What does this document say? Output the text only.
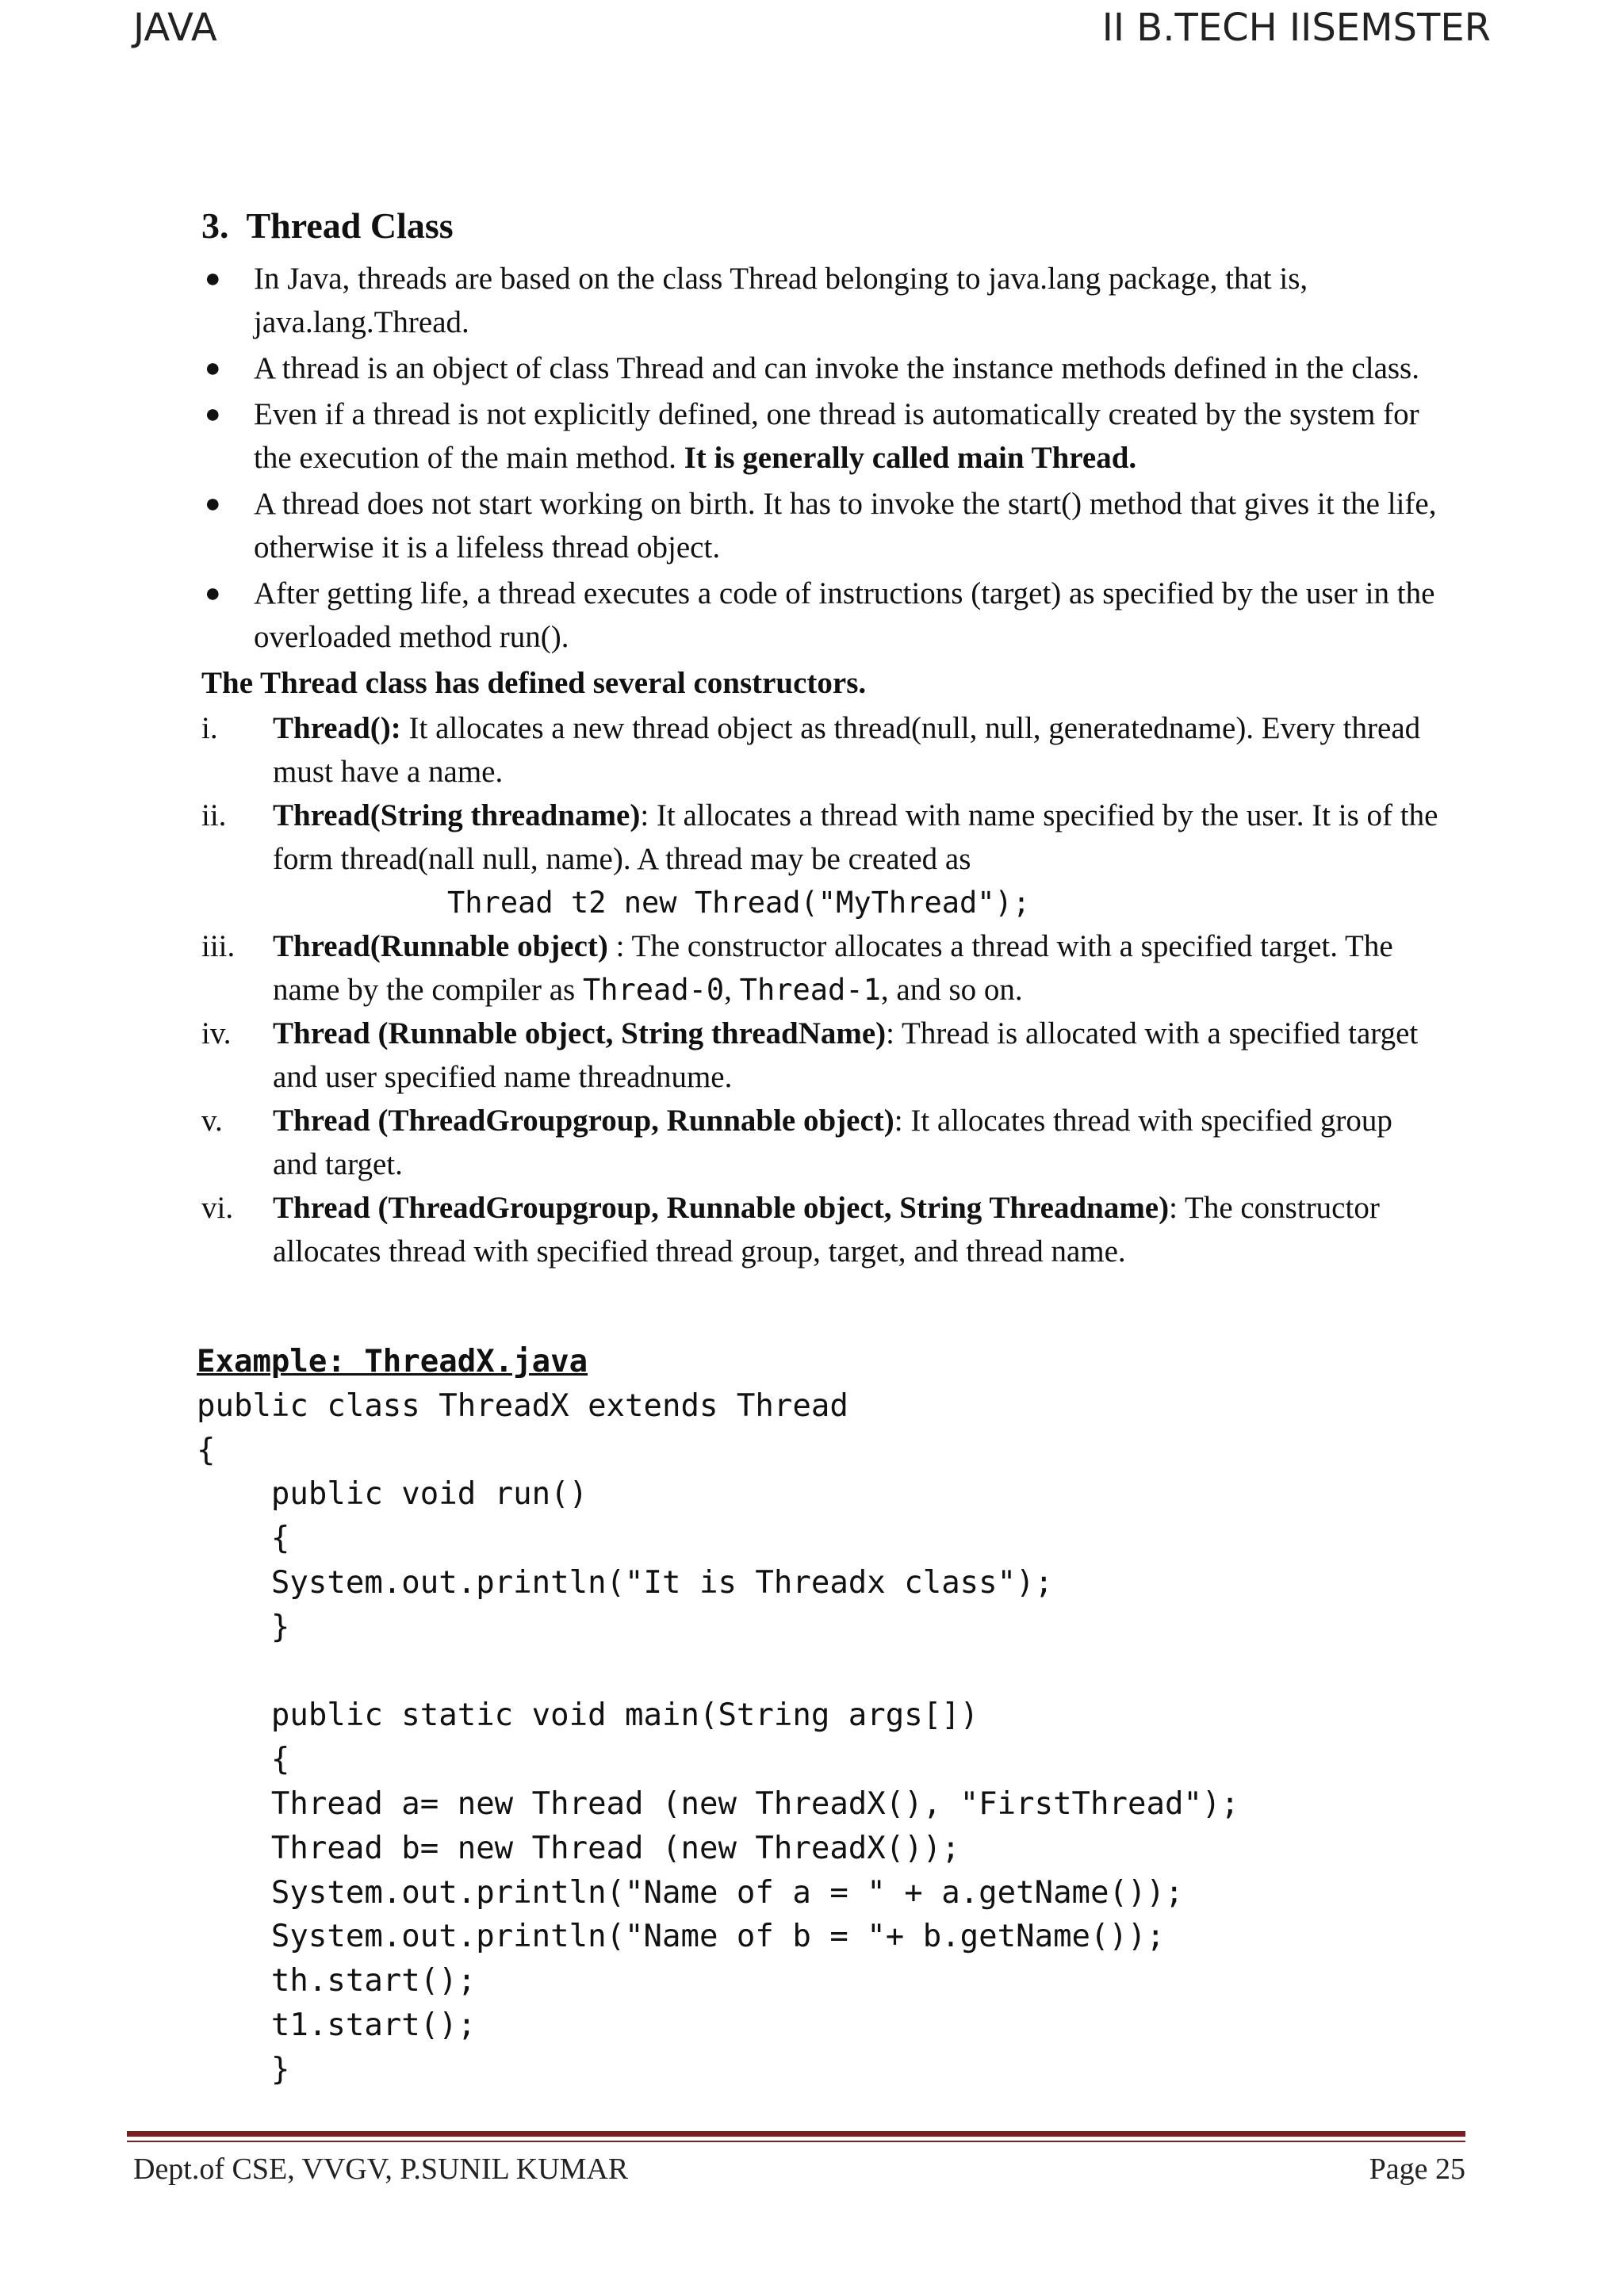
JAVA	II B.TECH IISEMSTER
3. Thread Class
● In Java, threads are based on the class Thread belonging to java.lang package, that is, java.lang.Thread.
● A thread is an object of class Thread and can invoke the instance methods defined in the class.
● Even if a thread is not explicitly defined, one thread is automatically created by the system for the execution of the main method. It is generally called main Thread.
● A thread does not start working on birth. It has to invoke the start() method that gives it the life, otherwise it is a lifeless thread object.
● After getting life, a thread executes a code of instructions (target) as specified by the user in the overloaded method run().
The Thread class has defined several constructors.
i. Thread(): It allocates a new thread object as thread(null, null, generatedname). Every thread must have a name.
ii. Thread(String threadname): It allocates a thread with name specified by the user. It is of the form thread(nall null, name). A thread may be created as
Thread t2 new Thread("MyThread");
iii. Thread(Runnable object) : The constructor allocates a thread with a specified target. The name by the compiler as Thread-0, Thread-1, and so on.
iv. Thread (Runnable object, String threadName): Thread is allocated with a specified target and user specified name threadnume.
v. Thread (ThreadGroupgroup, Runnable object): It allocates thread with specified group and target.
vi. Thread (ThreadGroupgroup, Runnable object, String Threadname): The constructor allocates thread with specified thread group, target, and thread name.
Example: ThreadX.java
public class ThreadX extends Thread
{
	public void run()
	{
	System.out.println("It is Threadx class");
	}

	public static void main(String args[])
	{
	Thread a= new Thread (new ThreadX(), "FirstThread");
	Thread b= new Thread (new ThreadX());
	System.out.println("Name of a = " + a.getName());
	System.out.println("Name of b = "+ b.getName());
	th.start();
	t1.start();
	}
Dept.of CSE, VVGV, P.SUNIL KUMAR	Page 25
